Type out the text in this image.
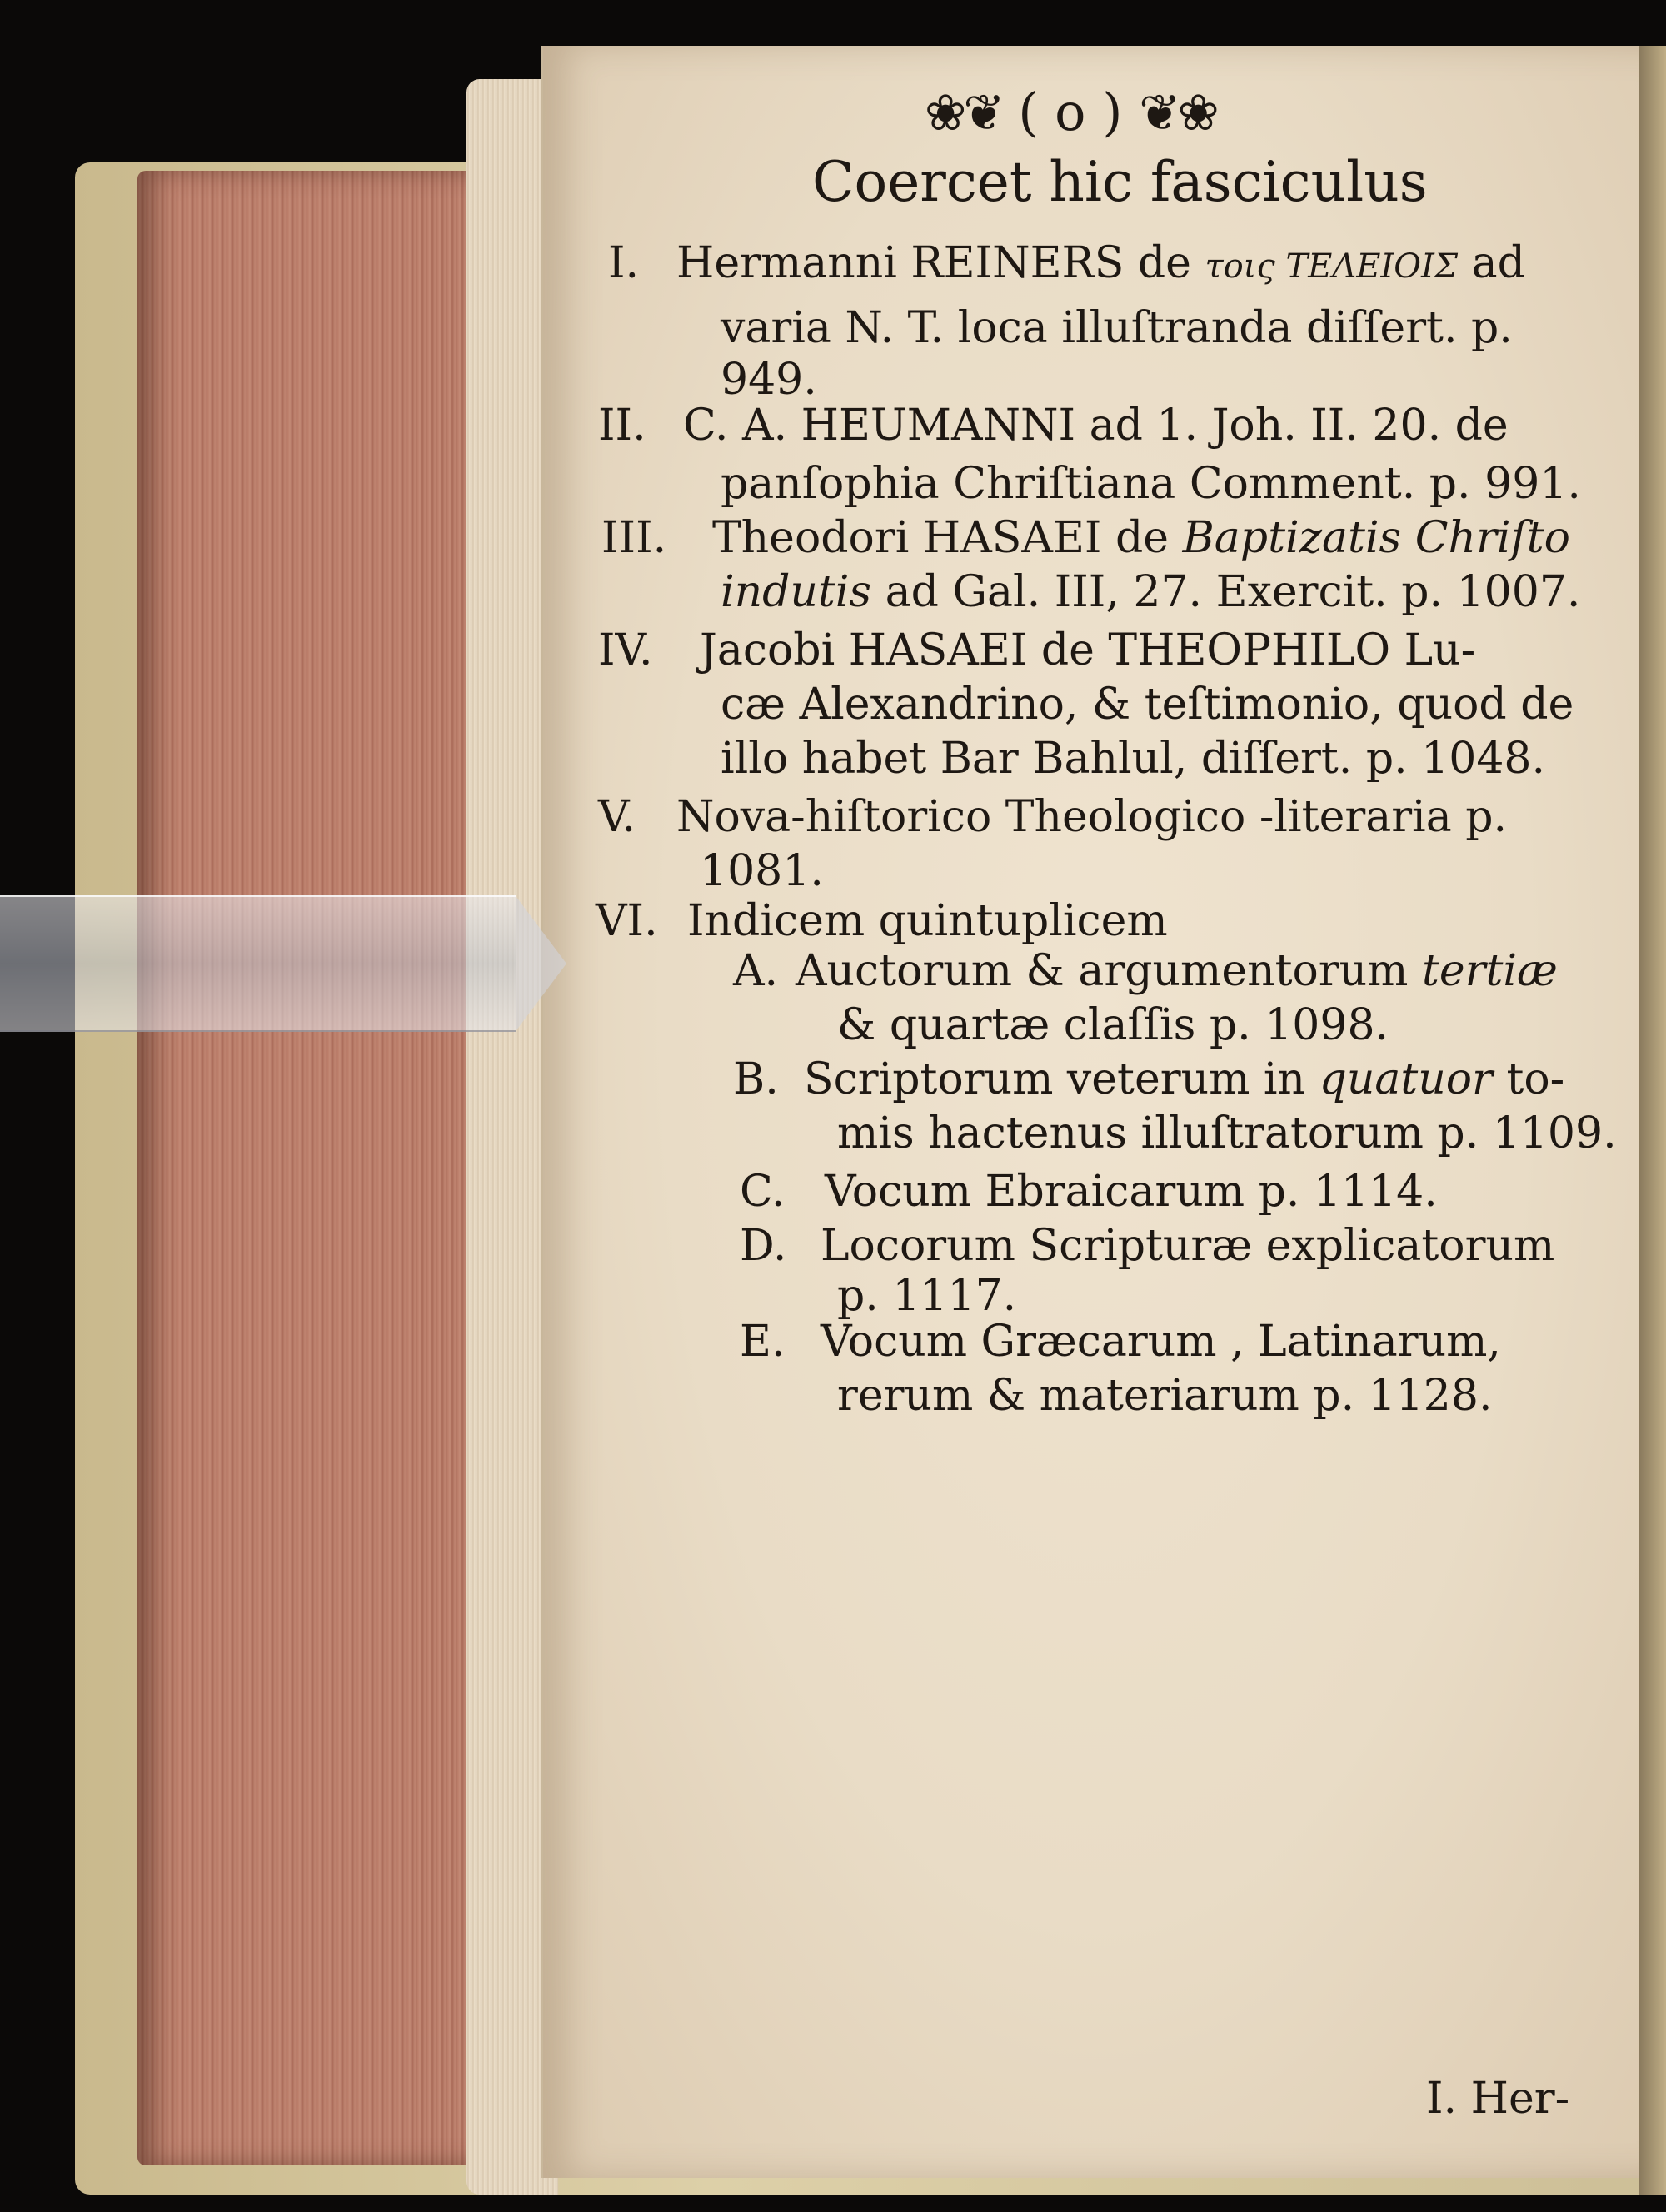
❀❦ ( o ) ❦❀
Coercet hic fasciculus
I. Hermanni REINERS de τοις ΤΕΛΕΙΟΙΣ ad
varia N. T. loca illuſtranda diſſert. p.
949.
II. C. A. HEUMANNI ad 1. Joh. II. 20. de
panſophia Chriſtiana Comment. p. 991.
III. Theodori HASAEI de Baptizatis Chriſto
indutis ad Gal. III, 27. Exercit. p. 1007.
IV. Jacobi HASAEI de THEOPHILO Lu-
cæ Alexandrino, & teſtimonio, quod de
illo habet Bar Bahlul, diſſert. p. 1048.
V. Nova-hiſtorico Theologico -literaria p.
1081.
VI. Indicem quintuplicem
A. Auctorum & argumentorum tertiæ
& quartæ claſſis p. 1098.
B. Scriptorum veterum in quatuor to-
mis hactenus illuſtratorum p. 1109.
C. Vocum Ebraicarum p. 1114.
D. Locorum Scripturæ explicatorum
p. 1117.
E. Vocum Græcarum , Latinarum,
rerum & materiarum p. 1128.
I. Her-
